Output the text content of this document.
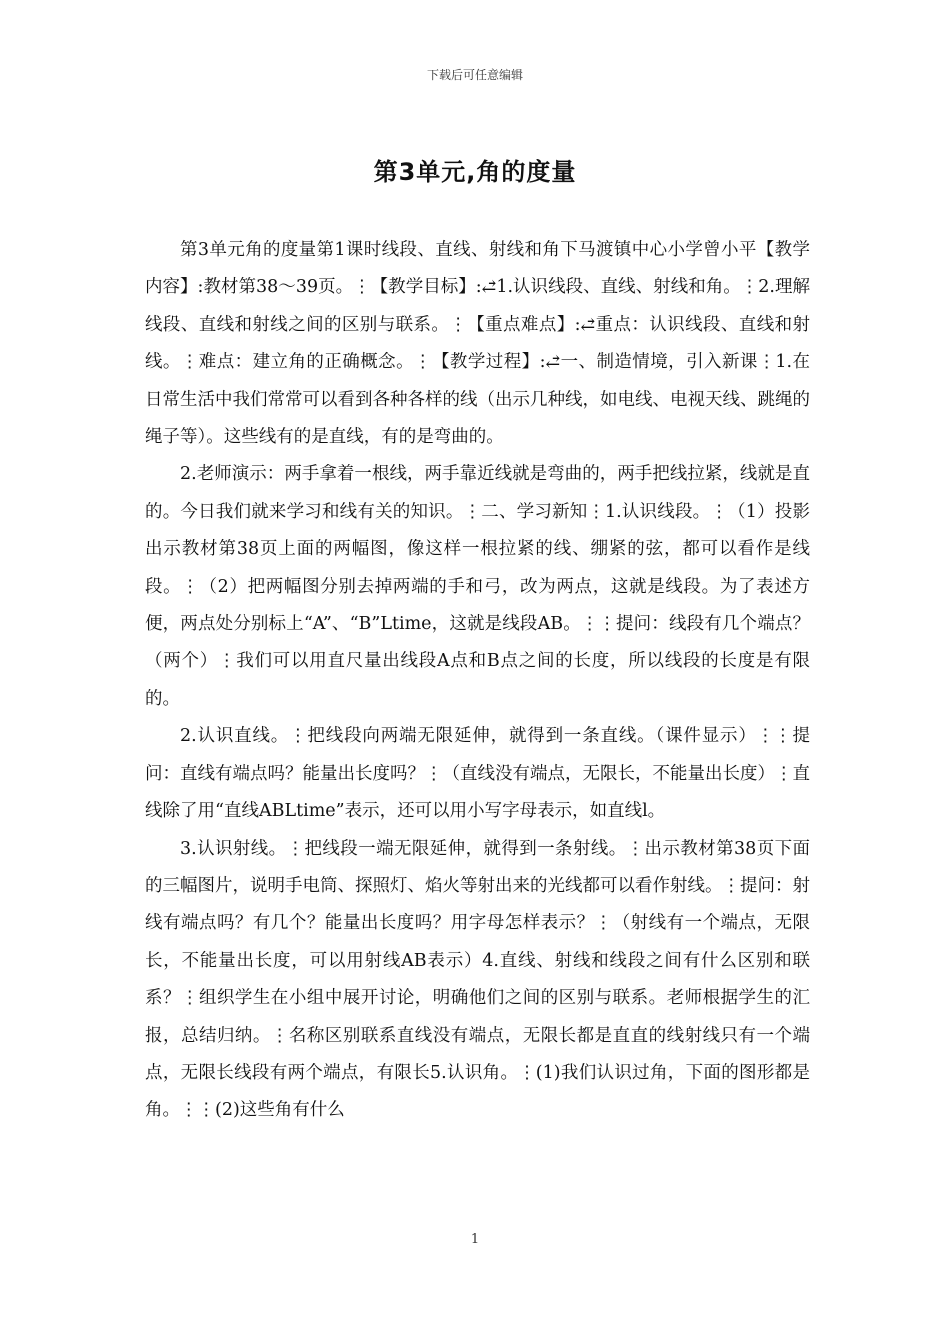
下载后可任意编辑
第3单元,角的度量

第3单元角的度量第1课时线段、直线、射线和角下马渡镇中心小学曾小平【教学内容】:教材第38～39页。⋮【教学目标】:⥄1.认识线段、直线、射线和角。⋮2.理解线段、直线和射线之间的区别与联系。⋮【重点难点】:⥄重点：认识线段、直线和射线。⋮难点：建立角的正确概念。⋮【教学过程】:⥄一、制造情境，引入新课⋮1.在日常生活中我们常常可以看到各种各样的线（出示几种线，如电线、电视天线、跳绳的绳子等）。这些线有的是直线，有的是弯曲的。

2.老师演示：两手拿着一根线，两手靠近线就是弯曲的，两手把线拉紧，线就是直的。今日我们就来学习和线有关的知识。⋮二、学习新知⋮1.认识线段。⋮（1）投影出示教材第38页上面的两幅图，像这样一根拉紧的线、绷紧的弦，都可以看作是线段。⋮（2）把两幅图分别去掉两端的手和弓，改为两点，这就是线段。为了表述方便，两点处分别标上“A”、“B”Ltime，这就是线段AB。⋮⋮提问：线段有几个端点？（两个）⋮我们可以用直尺量出线段A点和B点之间的长度，所以线段的长度是有限的。

2.认识直线。⋮把线段向两端无限延伸，就得到一条直线。（课件显示）⋮⋮提问：直线有端点吗？能量出长度吗？⋮（直线没有端点，无限长，不能量出长度）⋮直线除了用“直线ABLtime”表示，还可以用小写字母表示，如直线l。

3.认识射线。⋮把线段一端无限延伸，就得到一条射线。⋮出示教材第38页下面的三幅图片，说明手电筒、探照灯、焰火等射出来的光线都可以看作射线。⋮提问：射线有端点吗？有几个？能量出长度吗？用字母怎样表示？⋮（射线有一个端点，无限长，不能量出长度，可以用射线AB表示）4.直线、射线和线段之间有什么区别和联系？⋮组织学生在小组中展开讨论，明确他们之间的区别与联系。老师根据学生的汇报，总结归纳。⋮名称区别联系直线没有端点，无限长都是直直的线射线只有一个端点，无限长线段有两个端点，有限长5.认识角。⋮(1)我们认识过角，下面的图形都是角。⋮⋮(2)这些角有什么

1
